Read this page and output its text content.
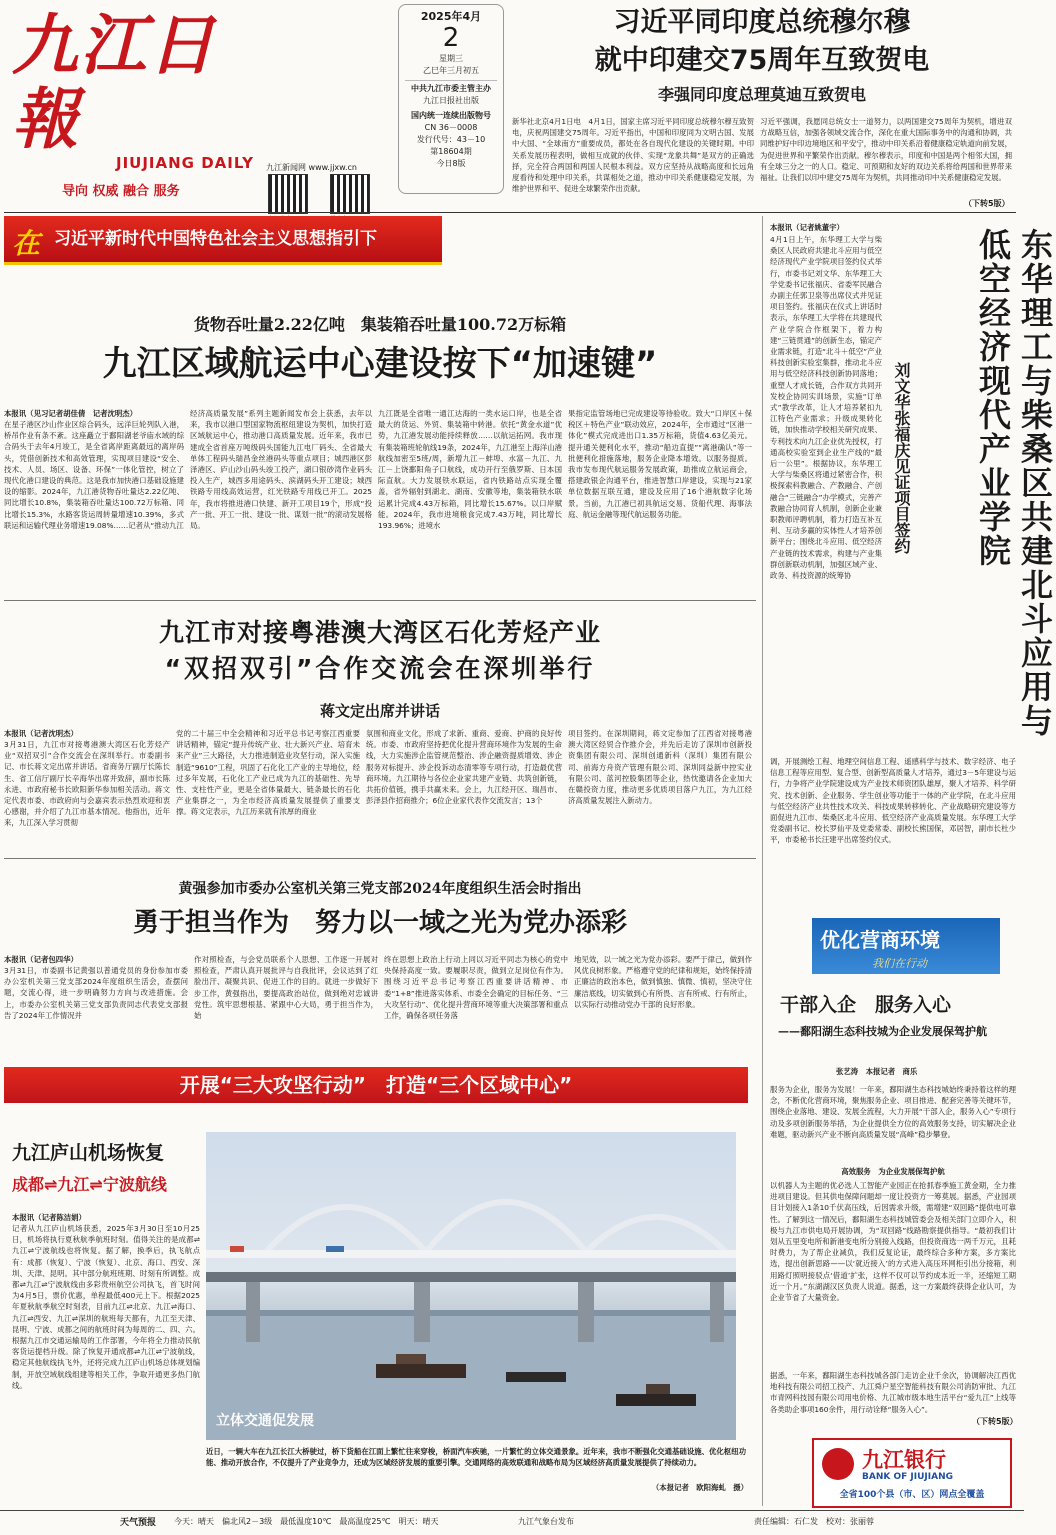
九江日報
JIUJIANG DAILY
导向 权威 融合 服务
九江新闻网 www.jjxw.cn
2025年4月
2
星期三
乙巳年三月初五
中共九江市委主管主办
九江日报社出版
国内统一连续出版物号
CN 36－0008
发行代号：43－10
第18604期
今日8版
习近平同印度总统穆尔穆
就中印建交75周年互致贺电
李强同印度总理莫迪互致贺电
新华社北京4月1日电　4月1日，国家主席习近平同印度总统穆尔穆互致贺电，庆祝两国建交75周年。习近平指出，中国和印度同为文明古国、发展中大国、“全球南方”重要成员，都处在各自现代化建设的关键时期。中印关系发展历程表明，做相互成就的伙伴、实现“龙象共舞”是双方的正确选择，完全符合两国和两国人民根本利益。双方应坚持从战略高度和长远角度看待和处理中印关系，共谋相处之道，推动中印关系健康稳定发展，为维护世界和平、促进全球繁荣作出贡献。
习近平强调，我愿同总统女士一道努力，以两国建交75周年为契机，增进双方战略互信，加强各领域交流合作，深化在重大国际事务中的沟通和协调，共同维护好中印边境地区和平安宁，推动中印关系沿着健康稳定轨道向前发展，为促进世界和平繁荣作出贡献。穆尔穆表示，印度和中国是两个相邻大国，拥有全球三分之一的人口。稳定、可预期和友好的双边关系将给两国和世界带来福祉。让我们以印中建交75周年为契机，共同推动印中关系健康稳定发展。
（下转5版）
习近平新时代中国特色社会主义思想指引下
在
货物吞吐量2.22亿吨　集装箱吞吐量100.72万标箱
九江区域航运中心建设按下“加速键”
本报讯（见习记者胡佳倩　记者沈明杰）
在星子港区沙山作业区综合码头，远洋巨轮列队入港，桥吊作业有条不紊。这座矗立于鄱阳湖老爷庙水域的综合码头于去年4月竣工，是全省离岸距离最远的离岸码头，凭借创新技术和高效管理，实现项目建设“安全、技术、人员、场区、设备、环保”一体化管控，树立了现代化港口建设的典范。这是我市加快港口基础设施建设的缩影。2024年，九江港货物吞吐量达2.22亿吨、同比增长10.8%，集装箱吞吐量达100.72万标箱、同比增长15.3%，水路客货运周转量增速10.39%，多式联运和运输代理业务增速19.08%……记者从“推动九江
经济高质量发展”系列主题新闻发布会上获悉，去年以来，我市以港口型国家物流枢纽建设为契机，加快打造区域航运中心，推动港口高质量发展。近年来，我市已建成全省首座万吨级码头国能九江电厂码头、全省最大单体工程码头瑞昌金丝港码头等重点项目；城西港区彭泽港区、庐山沙山码头竣工投产，湖口银砂湾作业码头投入生产，城西多用途码头、滨湖码头开工建设；城西铁路专用线高效运营，红光铁路专用线已开工。2025年，我市将推进港口快建、新开工项目19个，形成“投产一批、开工一批、建设一批、谋划一批”的滚动发展格局。
九江既是全省唯一通江达海的一类水运口岸，也是全省最大的货运、外贸、集装箱中转港。依托“黄金水道”优势，九江港发展动能持续释放……以航运拓网。我市现有集装箱班轮航线19条，2024年，九江港至上海洋山港航线加密至5班/周，新增九江－蚌埠、水富－九江、九江－上饶鄱阳角子口航线，成功开行至俄罗斯、日本国际直航。大力发展铁水联运，省内铁路站点实现全覆盖，省外辐射到湖北、湖南、安徽等地，集装箱铁水联运累计完成4.43万标箱，同比增长15.67%。以口岸赋能。2024年，我市进境粮食完成7.43万吨，同比增长193.96%；进境水
果指定监管场地已完成建设等待验收。致大“口岸区＋保税区＋特色产业”联动效应，2024年，全市通过“区港一体化”模式完成进出口1.35万标箱，货值4.63亿美元。提升通关便利化水平，推动“船边直提”“离港确认”等一批便利化措施落地，服务企业降本增效。以服务提质。我市发布现代航运服务发展政策，助推成立航运商会，搭建政银企沟通平台，推进智慧口岸建设，实现与21家单位数据互联互通，建设及应用了16个港航数字化场景。当前，九江港已初具航运交易、货船代理、海事法庭、航运金融等现代航运服务功能。
九江市对接粤港澳大湾区石化芳烃产业
“双招双引”合作交流会在深圳举行
蒋文定出席并讲话
本报讯（记者沈明杰）
3月31日，九江市对接粤港澳大湾区石化芳烃产业“双招双引”合作交流会在深圳举行。市委副书记、市长蒋文定出席并讲话。省商务厅副厅长陈长生、省工信厅副厅长辛海华出席并致辞，副市长陈永进、市政府秘书长欧阳新华参加相关活动。蒋文定代表市委、市政府向与会嘉宾表示热烈欢迎和衷心感谢，并介绍了九江市基本情况。他指出，近年来，九江深入学习贯彻
党的二十届三中全会精神和习近平总书记考察江西重要讲话精神，锚定“提升传统产业、壮大新兴产业、培育未来产业”三大路径，大力推进制造业攻坚行动，深入实施制造“9610”工程，巩固了石化化工产业的主导地位，经过多年发展，石化化工产业已成为九江的基础性、先导性、支柱性产业，更是全省体量最大、链条最长的石化产业集群之一，为全市经济高质量发展提供了重要支撑。蒋文定表示，九江历来就有浓厚的商业
氛围和商业文化，形成了求新、重商、爱商、护商的良好传统。市委、市政府坚持把优化提升营商环境作为发展的生命线，大力实施涉企监管规范整治、涉企融资提质增效、涉企服务对标提升、涉企投诉动态清零等专项行动，打造最优营商环境。九江期待与各位企业家共建产业链、共筑创新链，共拓价值链，携手共赢未来。会上，九江经开区、瑞昌市、彭泽县作招商推介；6位企业家代表作交流发言；13个
项目签约。在深圳期间，蒋文定参加了江西省对接粤港澳大湾区经贸合作推介会，并先后走访了深圳市创新投资集团有限公司、深圳创通新科（深圳）集团有限公司、前海方舟资产管理有限公司、深圳同益新中控实业有限公司、蓝河控股集团等企业，热忱邀请各企业加大在赣投资力度，推动更多优质项目落户九江，为九江经济高质量发展注入新动力。
黄强参加市委办公室机关第三党支部2024年度组织生活会时指出
勇于担当作为　努力以一域之光为党办添彩
本报讯（记者包四华）
3月31日，市委副书记黄强以普通党员的身份参加市委办公室机关第三党支部2024年度组织生活会，查摆问题，交流心得，进一步明确努力方向与改进措施。会上，市委办公室机关第三党支部负责同志代表党支部报告了2024年工作情况并
作对照检查，与会党员联系个人思想、工作逐一开展对照检查，严肃认真开展批评与自我批评，会议达到了红脸出汗、凝聚共识、促进工作的目的。就进一步做好下步工作，黄强指出，要提高政治站位，做到绝对忠诚讲党性。筑牢思想根基、紧跟中心大局，勇于担当作为，始
终在思想上政治上行动上同以习近平同志为核心的党中央保持高度一致。要履职尽责，做到立足岗位有作为。围绕习近平总书记考察江西重要讲话精神、市委“1+8”推进落实体系、市委全会确定的目标任务、“三大攻坚行动”、优化提升营商环境等重大决策部署和重点工作，确保各项任务落
地见效，以一域之光为党办添彩。要严于律己，做到作风优良树形象。严格遵守党的纪律和规矩，始终保持清正廉洁的政治本色，做到慎独、慎微、慎初，坚决守住廉洁底线，切实做到心有所畏、言有所戒、行有所止，以实际行动推动党办干部的良好形象。
本报讯（记者姚董宇）
4月1日上午，东华理工大学与柴桑区人民政府共建北斗应用与低空经济现代产业学院项目签约仪式举行，市委书记刘文华、东华理工大学党委书记张福庆、省委军民融合办副主任郭卫泉等出席仪式并见证项目签约。张福庆在仪式上讲话时表示，东华理工大学将在共建现代产业学院合作框架下，着力构建“三链贯通”的创新生态，锚定产业需求链，打造“北斗＋低空”产业科技创新实验室集群，推动北斗应用与低空经济科技创新协同落地；重塑人才成长链，合作双方共同开发校企协同实训场景，实施“订单式”教学改革，让人才培养紧扣九江特色产业需求；升级成果转化链，加快推动学校相关研究成果、专利技术向九江企业优先授权，打通高校实验室到企业生产线的“最后一公里”。根据协议，东华理工大学与柴桑区将通过紧密合作，积极探索科教融合、产教融合、产创融合“三链融合”办学模式，完善产教融合协同育人机制，创新企业兼职教师评聘机制，着力打造互补互利、互动多赢的实体性人才培养创新平台；围绕北斗应用、低空经济产业链的技术需求，构建与产业集群创新联动机制，加强区域产业、政务、科技资源的统筹协	东华理工与柴桑区共建北斗应用与低空经济现代产业学院
刘文华张福庆见证项目签约
调，开展测绘工程、地理空间信息工程、遥感科学与技术、数字经济、电子信息工程等应用型、复合型、创新型高质量人才培养，通过3－5年建设与运行，力争将产业学院建设成为产业技术师资团队雄厚，聚人才培养、科学研究、技术创新、企业服务、学生创业等功能于一体的产业学院，在北斗应用与低空经济产业共性技术攻关、科技成果转移转化、产业战略研究建设等方面促进九江市、柴桑区北斗应用、低空经济产业高质量发展。东华理工大学党委副书记、校长罗仙平及党委常委、副校长熊国保，邓居智，副市长杜少平，市委秘书长汪建平出席签约仪式。
优化营商环境
我们在行动
干部入企　服务入心
——鄱阳湖生态科技城为企业发展保驾护航
张艺涛　本报记者　商乐
服务为企业，服务为发展！一年来，鄱阳湖生态科技城始终秉持着这样的理念，不断优化营商环境，聚焦服务企业、项目推进、配套完善等关键环节，围绕企业落地、建设、发展全流程，大力开展“干部入企，服务入心”专项行动及多项创新服务举措，为企业提供全方位的高效服务支持，切实解决企业难题，驱动新兴产业不断向高质量发展“高峰”稳步攀登。
高效服务　为企业发展保驾护航
以机器人为主题的优必选人工智能产业园正在抢抓春季施工黄金期，全力推进项目建设。但其供电保障问题却一度让投资方一筹莫展。据悉，产业园项目计划接入1条10千伏高压线，后因需求升级，需增建“双回路”提供电可靠性。了解到这一情况后，鄱阳湖生态科技城管委会及相关部门立即介入，积极与九江市供电局开展协调，为“双回路”线路勘察提供指导。“最初我们计划从五里变电所和新港变电所分别接入线路，但投资商选一两千万元，且耗时费力，为了帮企业减负，我们反复论证，最终综合多种方案，多方案比选，提出创新思路——以‘就近接入’的方式进入高压环网柜引出分接箱，利用路灯照明接驳点‘借道’扩张，这样不仅可以节约成本近一半，还缩短工期近一个月。”东湖湖汉区负责人说道。据悉，这一方案最终获得企业认可，为企业节省了大量资金。
据悉，一年来，鄱阳湖生态科技城各部门走访企业千余次，协调解决江西优地科技有限公司招工投产、九江舜户星空智能科技有限公司消防审批、九江市青网科技园有限公司用电价格、九江城市级本地生活平台“爱九江”上线等各类助企事项160余件，用行动诠释“服务入心”。
（下转5版）
开展“三大攻坚行动”　打造“三个区域中心”
九江庐山机场恢复
成都⇌九江⇌宁波航线
本报讯（记者陈洁娟）
记者从九江庐山机场获悉，2025年3月30日至10月25日，机场将执行夏秋航季航班时刻。值得关注的是成都⇌九江⇌宁波航线也将恢复。据了解，换季后，执飞航点有：成都（恢复）、宁波（恢复）、北京、海口、西安、深圳、天津、昆明。其中部分航班班期、时刻有所调整。成都⇌九江⇌宁波航线由多彩贵州航空公司执飞，首飞时间为4月5日，票价优惠，单程最低400元上下。根据2025年夏秋航季航空时刻表，目前九江⇌北京、九江⇌海口、九江⇌西安、九江⇌深圳的航班每天都有，九江至天津、昆明、宁波、成都之间的航班时间为每周的二、四、六。根据九江市交通运输局的工作部署，今年将全力推动民航客货运提档升级。除了恢复开通成都⇌九江⇌宁波航线，稳定其他航线执飞外，还将完成九江庐山机场总体规划编制，开放空域航线组建等相关工作，争取开通更多热门航线。
立体交通促发展
近日，一辆大车在九江长江大桥驶过，桥下货船在江面上繁忙往来穿梭，桥面汽车疾驰，一片繁忙的立体交通景象。近年来，我市不断强化交通基础设施、优化枢纽功能、推动开放合作，不仅提升了产业竞争力，还成为区域经济发展的重要引擎。交通网络的高效联通和战略布局为区域经济高质量发展提供了持续动力。
（本报记者　欧阳海虬　摄）
九江银行
BANK OF JIUJIANG
全省100个县（市、区）网点全覆盖
天气预报 今天：晴天　偏北风2－3级　最低温度10℃　最高温度25℃　明天：晴天	九江气象台发布	责任编辑：石仁发　校对：张丽蓉
